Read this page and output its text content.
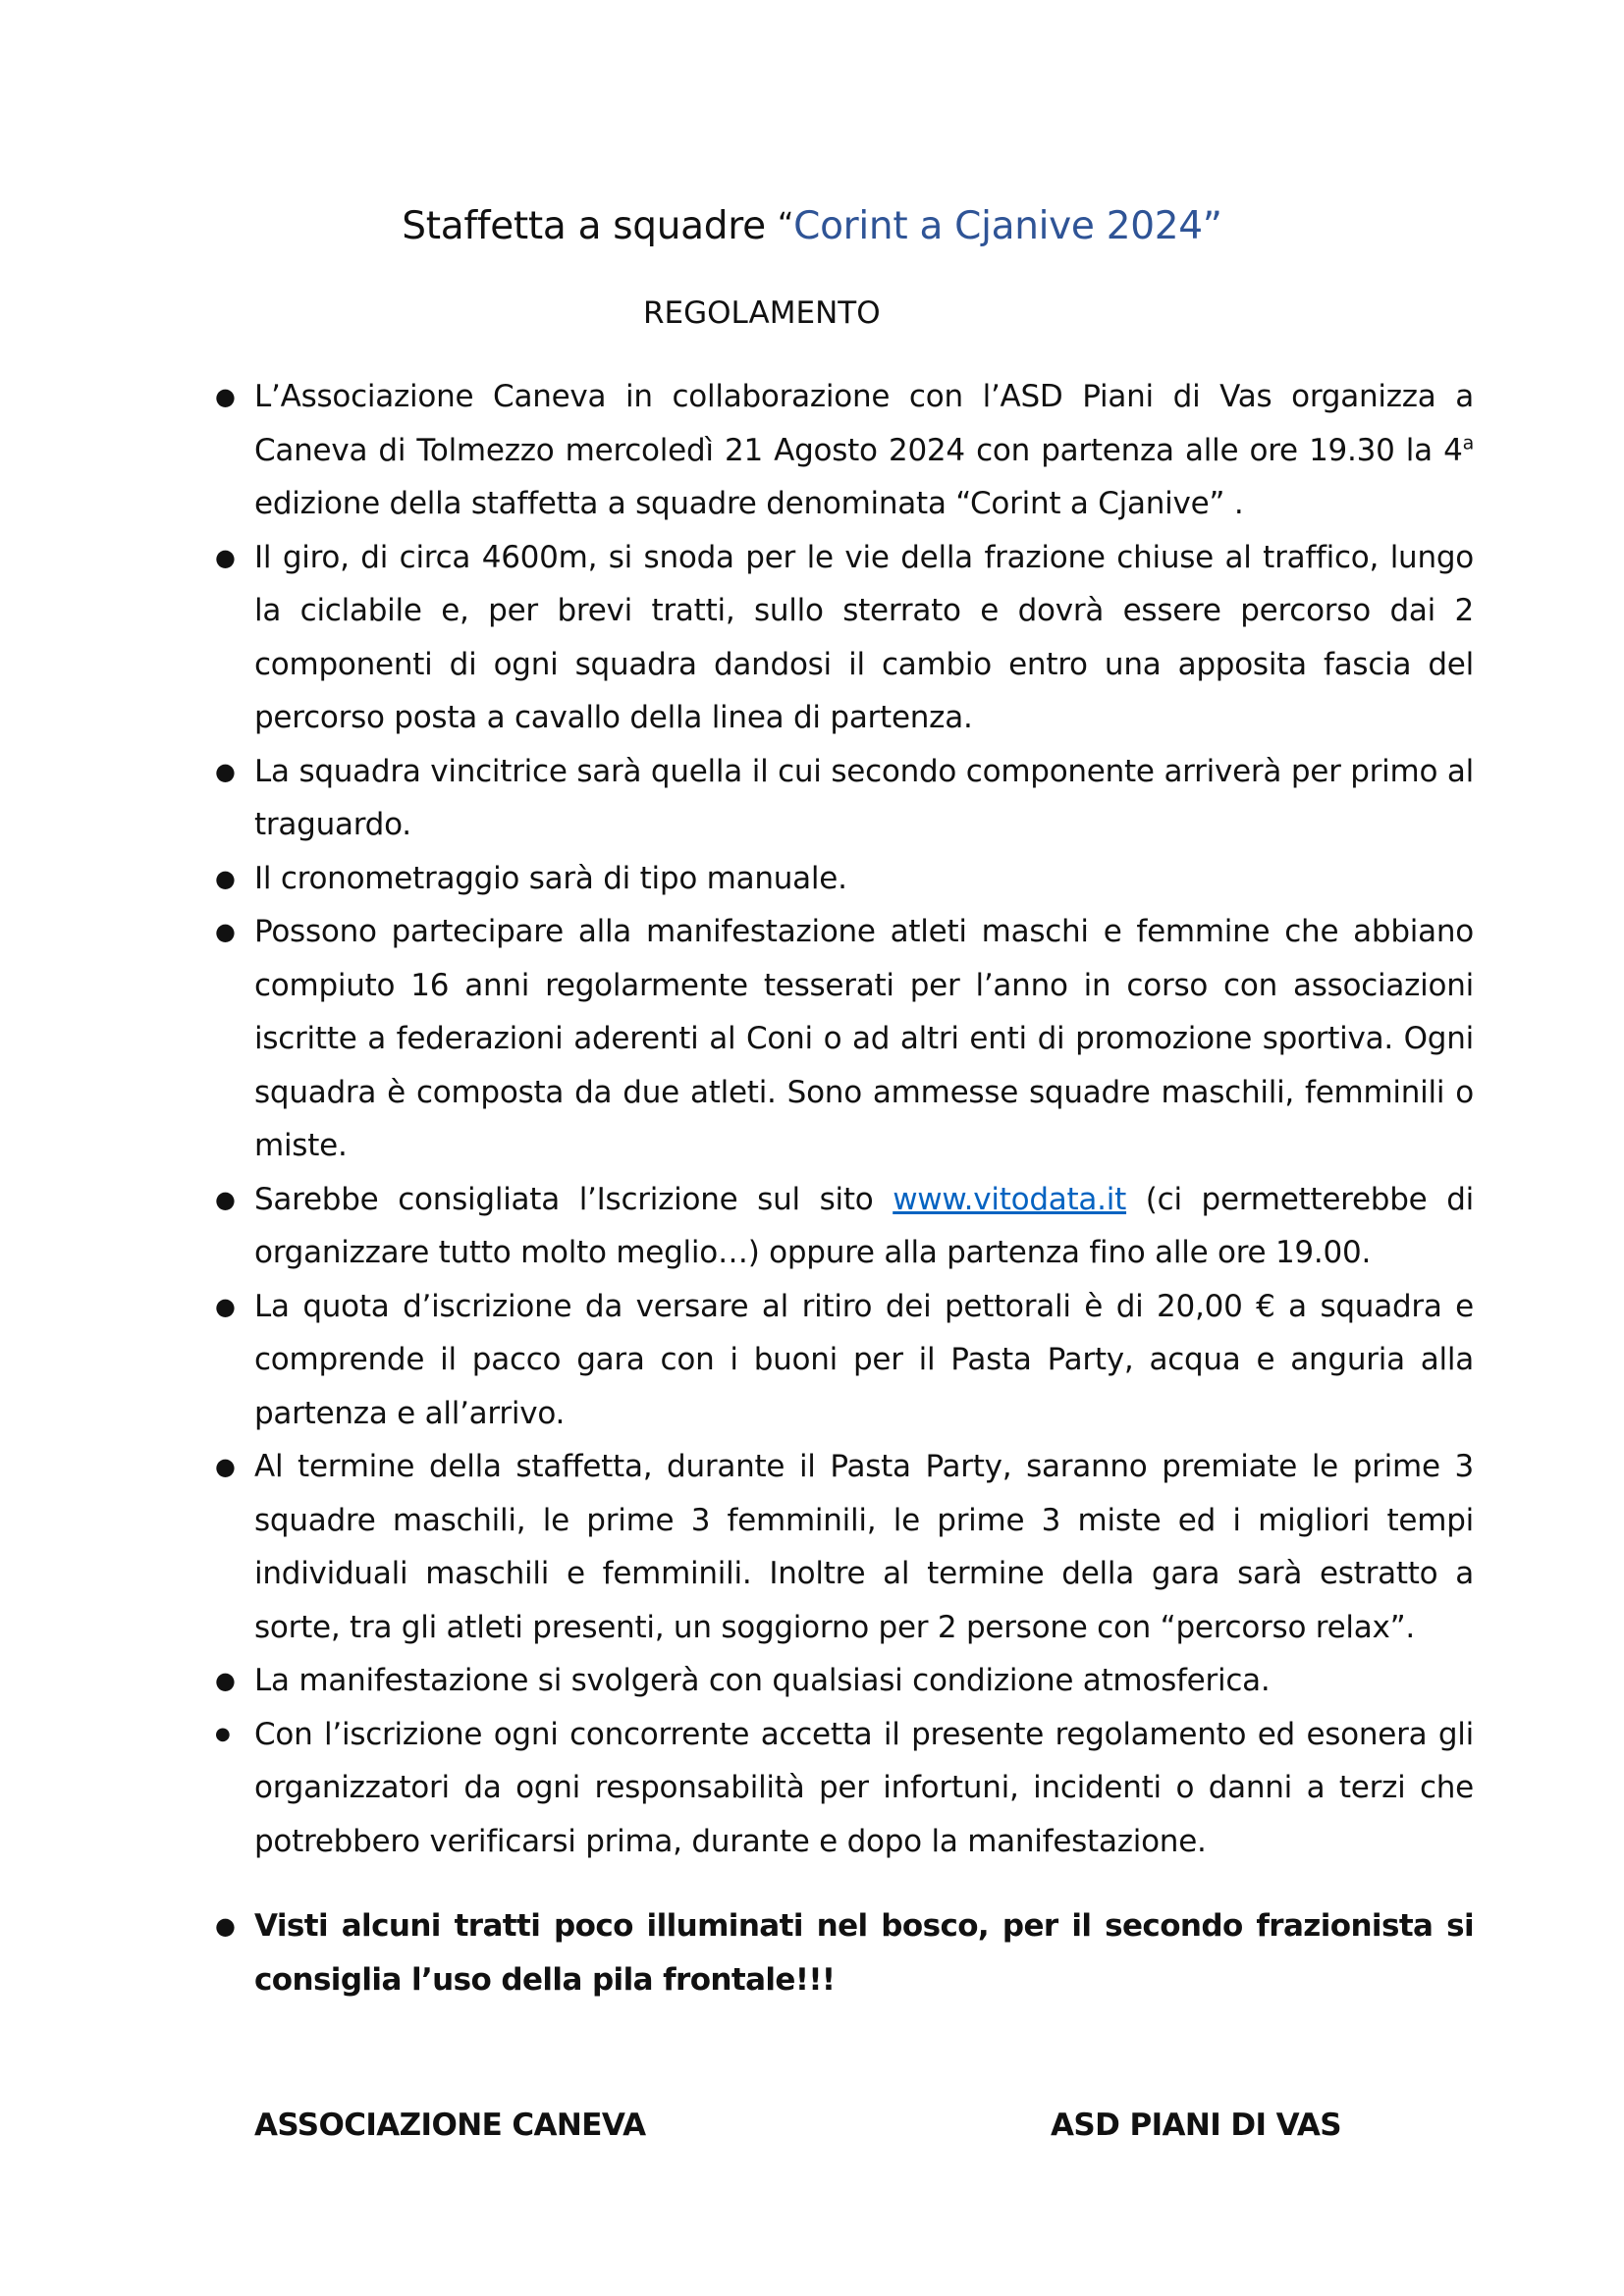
Staffetta a squadre “Corint a Cjanive 2024”
REGOLAMENTO
● L’Associazione Caneva in collaborazione con l’ASD Piani di Vas organizza a Caneva di Tolmezzo mercoledì 21 Agosto 2024 con partenza alle ore 19.30 la 4$^a$ edizione della staffetta a squadre denominata “Corint a Cjanive” .
● Il giro, di circa 4600m, si snoda per le vie della frazione chiuse al traffico, lungo la ciclabile e, per brevi tratti, sullo sterrato e dovrà essere percorso dai 2 componenti di ogni squadra dandosi il cambio entro una apposita fascia del percorso posta a cavallo della linea di partenza.
● La squadra vincitrice sarà quella il cui secondo componente arriverà per primo al traguardo.
● Il cronometraggio sarà di tipo manuale.
● Possono partecipare alla manifestazione atleti maschi e femmine che abbiano compiuto 16 anni regolarmente tesserati per l’anno in corso con associazioni iscritte a federazioni aderenti al Coni o ad altri enti di promozione sportiva. Ogni squadra è composta da due atleti. Sono ammesse squadre maschili, femminili o miste.
● Sarebbe consigliata l’Iscrizione sul sito www.vitodata.it (ci permetterebbe di organizzare tutto molto meglio…) oppure alla partenza fino alle ore 19.00.
● La quota d’iscrizione da versare al ritiro dei pettorali è di 20,00 € a squadra e comprende il pacco gara con i buoni per il Pasta Party, acqua e anguria alla partenza e all’arrivo.
● Al termine della staffetta, durante il Pasta Party, saranno premiate le prime 3 squadre maschili, le prime 3 femminili, le prime 3 miste ed i migliori tempi individuali maschili e femminili. Inoltre al termine della gara sarà estratto a sorte, tra gli atleti presenti, un soggiorno per 2 persone con “percorso relax”.
● La manifestazione si svolgerà con qualsiasi condizione atmosferica.
● Con l’iscrizione ogni concorrente accetta il presente regolamento ed esonera gli organizzatori da ogni responsabilità per infortuni, incidenti o danni a terzi che potrebbero verificarsi prima, durante e dopo la manifestazione.
● Visti alcuni tratti poco illuminati nel bosco, per il secondo frazionista si consiglia l’uso della pila frontale!!!
ASSOCIAZIONE CANEVA	ASD PIANI DI VAS
